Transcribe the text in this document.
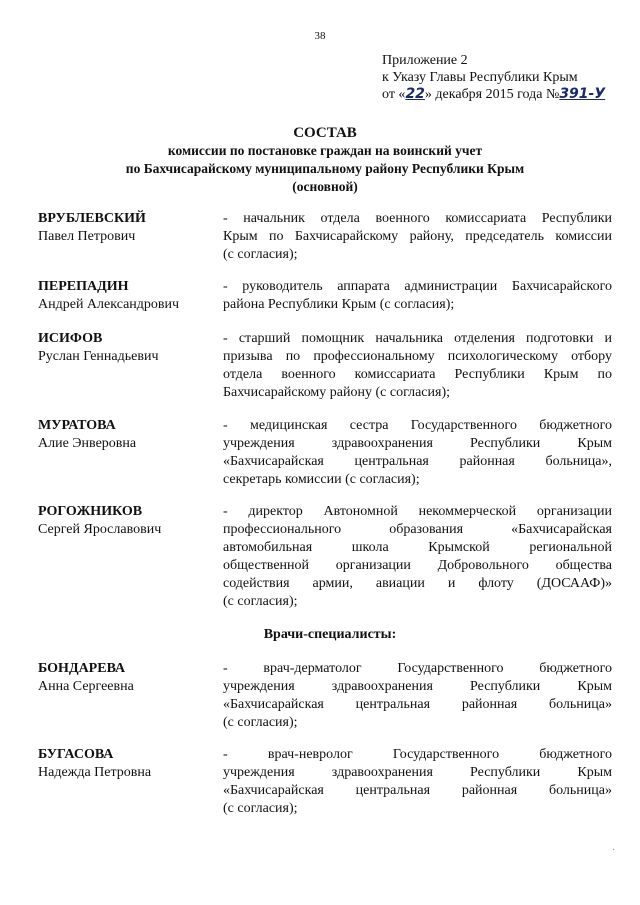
38
Приложение 2
к Указу Главы Республики Крым
от «22» декабря 2015 года №391-У
СОСТАВ
комиссии по постановке граждан на воинский учет
по Бахчисарайскому муниципальному району Республики Крым
(основной)
ВРУБЛЕВСКИЙ
Павел Петрович
- начальник отдела военного комиссариата Республики
Крым по Бахчисарайскому району, председатель комиссии
(с согласия);
ПЕРЕПАДИН
Андрей Александрович
- руководитель аппарата администрации Бахчисарайского
района Республики Крым (с согласия);
ИСИФОВ
Руслан Геннадьевич
- старший помощник начальника отделения подготовки и
призыва по профессиональному психологическому отбору
отдела военного комиссариата Республики Крым по
Бахчисарайскому району (с согласия);
МУРАТОВА
Алие Энверовна
- медицинская сестра Государственного бюджетного
учреждения здравоохранения Республики Крым
«Бахчисарайская центральная районная больница»,
секретарь комиссии (с согласия);
РОГОЖНИКОВ
Сергей Ярославович
- директор Автономной некоммерческой организации
профессионального образования «Бахчисарайская
автомобильная школа Крымской региональной
общественной организации Добровольного общества
содействия армии, авиации и флоту (ДОСААФ)»
(с согласия);
Врачи-специалисты:
БОНДАРЕВА
Анна Сергеевна
- врач-дерматолог Государственного бюджетного
учреждения здравоохранения Республики Крым
«Бахчисарайская центральная районная больница»
(с согласия);
БУГАСОВА
Надежда Петровна
- врач-невролог Государственного бюджетного
учреждения здравоохранения Республики Крым
«Бахчисарайская центральная районная больница»
(с согласия);
·
